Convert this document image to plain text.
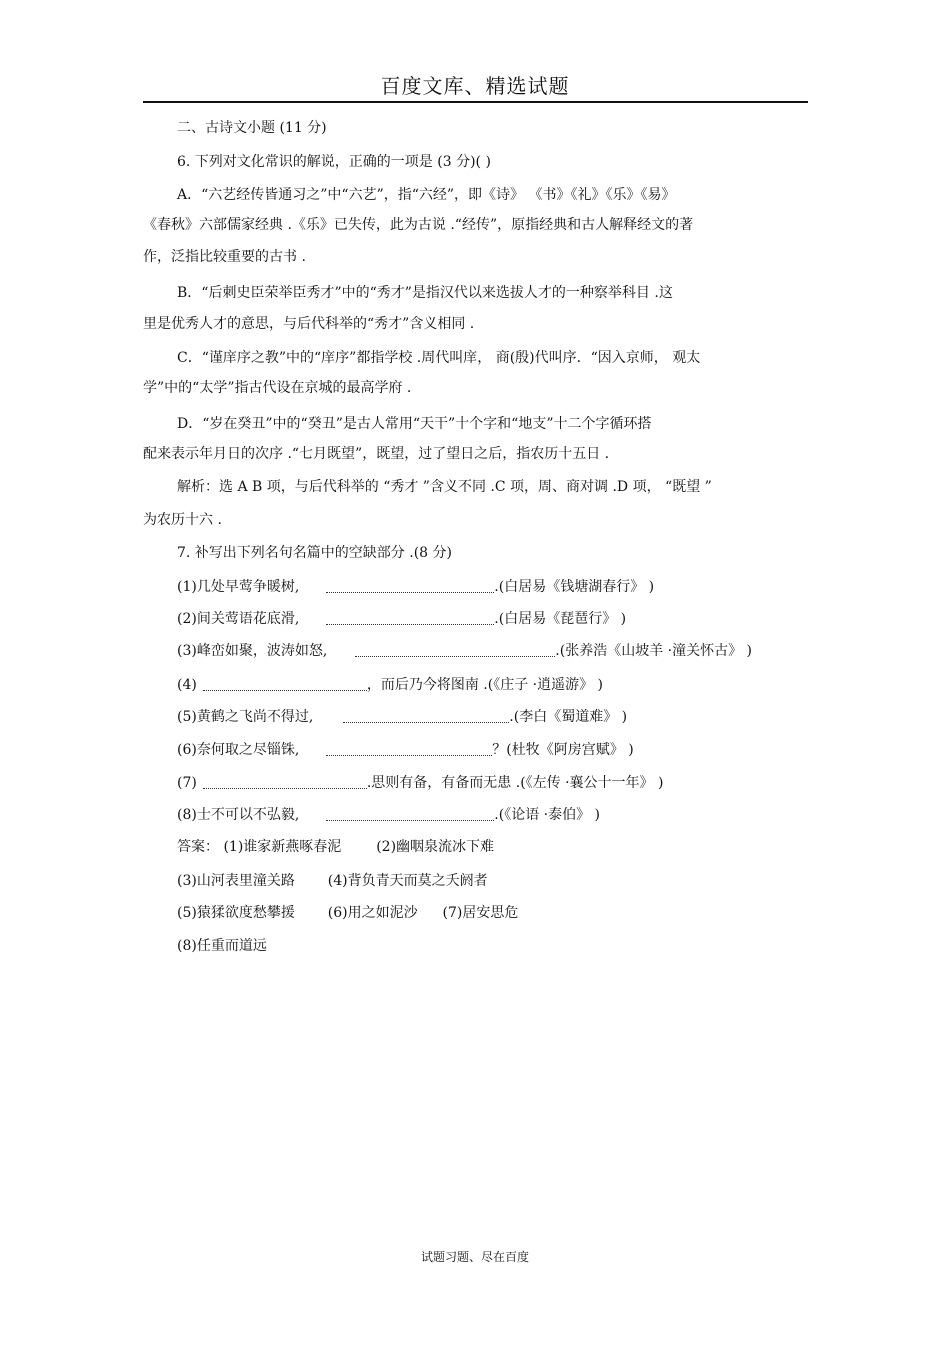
百度文库、精选试题
二、古诗文小题 (11 分)
6. 下列对文化常识的解说，正确的一项是 (3 分)( )
A．“六艺经传皆通习之”中“六艺”，指“六经”，即《诗》 《书》《礼》《乐》《易》
《春秋》六部儒家经典 .《乐》已失传，此为古说 .“经传”，原指经典和古人解释经文的著
作，泛指比较重要的古书 .
B．“后刺史臣荣举臣秀才”中的“秀才”是指汉代以来选拔人才的一种察举科目 .这
里是优秀人才的意思，与后代科举的“秀才”含义相同 .
C．“谨庠序之教”中的“庠序”都指学校 .周代叫庠， 商(殷)代叫序．“因入京师， 观太
学”中的“太学”指古代设在京城的最高学府 .
D．“岁在癸丑”中的“癸丑”是古人常用“天干”十个字和“地支”十二个字循环搭
配来表示年月日的次序 .“七月既望”，既望，过了望日之后，指农历十五日 .
解析：选 A B 项，与后代科举的 “秀才 ”含义不同 .C 项，周、商对调 .D 项， “既望 ”
为农历十六 .
7. 补写出下列名句名篇中的空缺部分 .(8 分)
(1)几处早莺争暖树,	.(白居易《钱塘湖春行》 )
(2)间关莺语花底滑,	.(白居易《琵琶行》 )
(3)峰峦如聚，波涛如怒,	.(张养浩《山坡羊 ·潼关怀古》 )
(4)	，而后乃今将图南 .(《庄子 ·逍遥游》 )
(5)黄鹤之飞尚不得过,	.(李白《蜀道难》 )
(6)奈何取之尽锱铢,	？(杜牧《阿房宫赋》 )
(7)	.思则有备，有备而无患 .(《左传 ·襄公十一年》 )
(8)士不可以不弘毅,	.(《论语 ·泰伯》 )
答案： (1)谁家新燕啄春泥 (2)幽咽泉流冰下难
(3)山河表里潼关路 (4)背负青天而莫之夭阏者
(5)猿猱欲度愁攀援 (6)用之如泥沙 (7)居安思危
(8)任重而道远
试题习题、尽在百度
